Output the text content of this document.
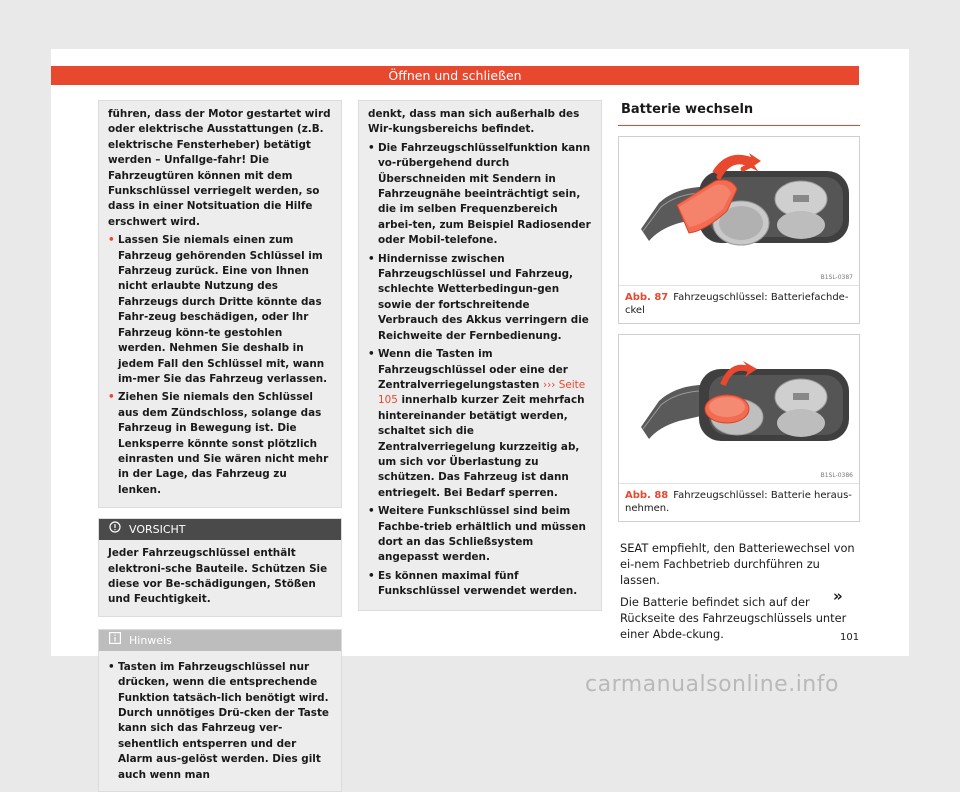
Öffnen und schließen

führen, dass der Motor gestartet wird oder elektrische Ausstattungen (z.B. elektrische Fensterheber) betätigt werden – Unfallge-fahr! Die Fahrzeugtüren können mit dem Funkschlüssel verriegelt werden, so dass in einer Notsituation die Hilfe erschwert wird.

• Lassen Sie niemals einen zum Fahrzeug gehörenden Schlüssel im Fahrzeug zurück. Eine von Ihnen nicht erlaubte Nutzung des Fahrzeugs durch Dritte könnte das Fahr-zeug beschädigen, oder Ihr Fahrzeug könn-te gestohlen werden. Nehmen Sie deshalb in jedem Fall den Schlüssel mit, wann im-mer Sie das Fahrzeug verlassen.
• Ziehen Sie niemals den Schlüssel aus dem Zündschloss, solange das Fahrzeug in Bewegung ist. Die Lenksperre könnte sonst plötzlich einrasten und Sie wären nicht mehr in der Lage, das Fahrzeug zu lenken.
VORSICHT

Jeder Fahrzeugschlüssel enthält elektroni-sche Bauteile. Schützen Sie diese vor Be-schädigungen, Stößen und Feuchtigkeit.

Hinweis
• Tasten im Fahrzeugschlüssel nur drücken, wenn die entsprechende Funktion tatsäch-lich benötigt wird. Durch unnötiges Drü-cken der Taste kann sich das Fahrzeug ver-sehentlich entsperren und der Alarm aus-gelöst werden. Dies gilt auch wenn man

denkt, dass man sich außerhalb des Wir-kungsbereichs befindet.

• Die Fahrzeugschlüsselfunktion kann vo-rübergehend durch Überschneiden mit Sendern in Fahrzeugnähe beeinträchtigt sein, die im selben Frequenzbereich arbei-ten, zum Beispiel Radiosender oder Mobil-telefone.
• Hindernisse zwischen Fahrzeugschlüssel und Fahrzeug, schlechte Wetterbedingun-gen sowie der fortschreitende Verbrauch des Akkus verringern die Reichweite der Fernbedienung.
• Wenn die Tasten im Fahrzeugschlüssel oder eine der Zentralverriegelungstasten ››› Seite 105 innerhalb kurzer Zeit mehrfach hintereinander betätigt werden, schaltet sich die Zentralverriegelung kurzzeitig ab, um sich vor Überlastung zu schützen. Das Fahrzeug ist dann entriegelt. Bei Bedarf sperren.
• Weitere Funkschlüssel sind beim Fachbe-trieb erhältlich und müssen dort an das Schließsystem angepasst werden.
• Es können maximal fünf Funkschlüssel verwendet werden.
Batterie wechseln
B1SL-0387
Abb. 87 Fahrzeugschlüssel: Batteriefachde-ckel
B1SL-0386
Abb. 88 Fahrzeugschlüssel: Batterie heraus-nehmen.

SEAT empfiehlt, den Batteriewechsel von ei-nem Fachbetrieb durchführen zu lassen.

Die Batterie befindet sich auf der Rückseite des Fahrzeugschlüssels unter einer Abde-ckung.

»
101
carmanualsonline.info
